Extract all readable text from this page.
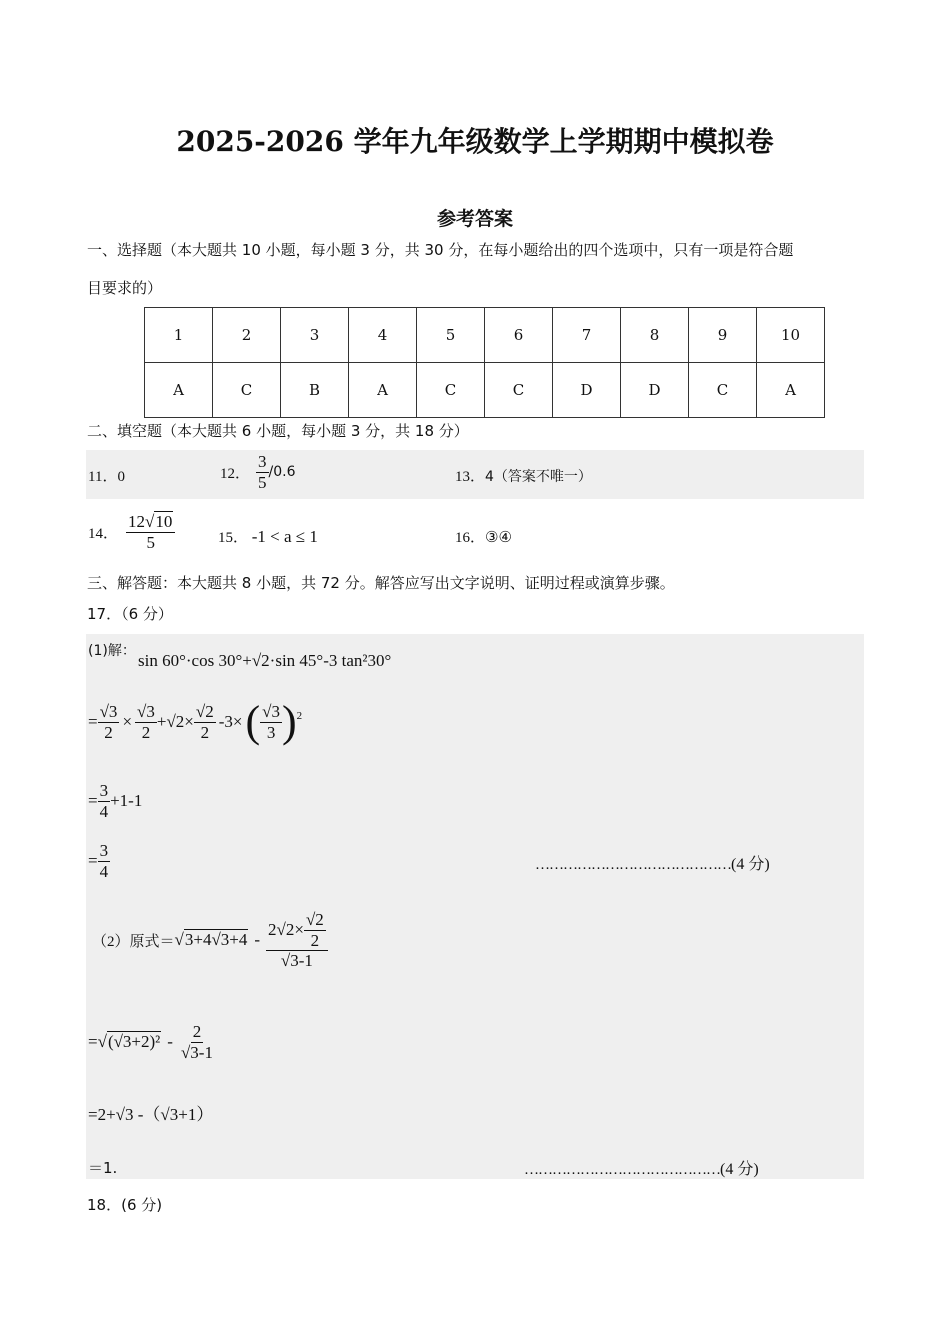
2025-2026 学年九年级数学上学期期中模拟卷
参考答案
一、选择题（本大题共 10 小题，每小题 3 分，共 30 分，在每小题给出的四个选项中，只有一项是符合题
目要求的）
1	2	3	4	5	6	7	8	9	10
A	C	B	A	C	C	D	D	C	A
二、填空题（本大题共 6 小题，每小题 3 分，共 18 分）
11．0	12． $\frac{3}{5} /0.6$	13．4（答案不唯一）
14． $\frac{12√10}{5}$	15． -1 < a ≤ 1	16．③④
三、解答题：本大题共 8 小题，共 72 分。解答应写出文字说明、证明过程或演算步骤。
17．（6 分）
(1)解： sin 60°·cos 30°+√2·sin 45°-3 tan²30°
= $\frac{√3}{2} \times \frac{√3}{2} +√2\times \frac{√2}{2} -3\times$ ( $\frac{√3}{3}$ ) 2
= $\frac{3}{4} +1-1$
= $\frac{3}{4}$	……………………………………(4 分)
（2）原式＝ √ $3+4√3+4 - \frac{2√2\times \frac{√2}{2}}{√3-1}$
= √ $(√3+2)^2 - \frac{2}{√3-1}$
=2+√3 -（√3+1）
＝1.	……………………………………(4 分)
18．(6 分)
